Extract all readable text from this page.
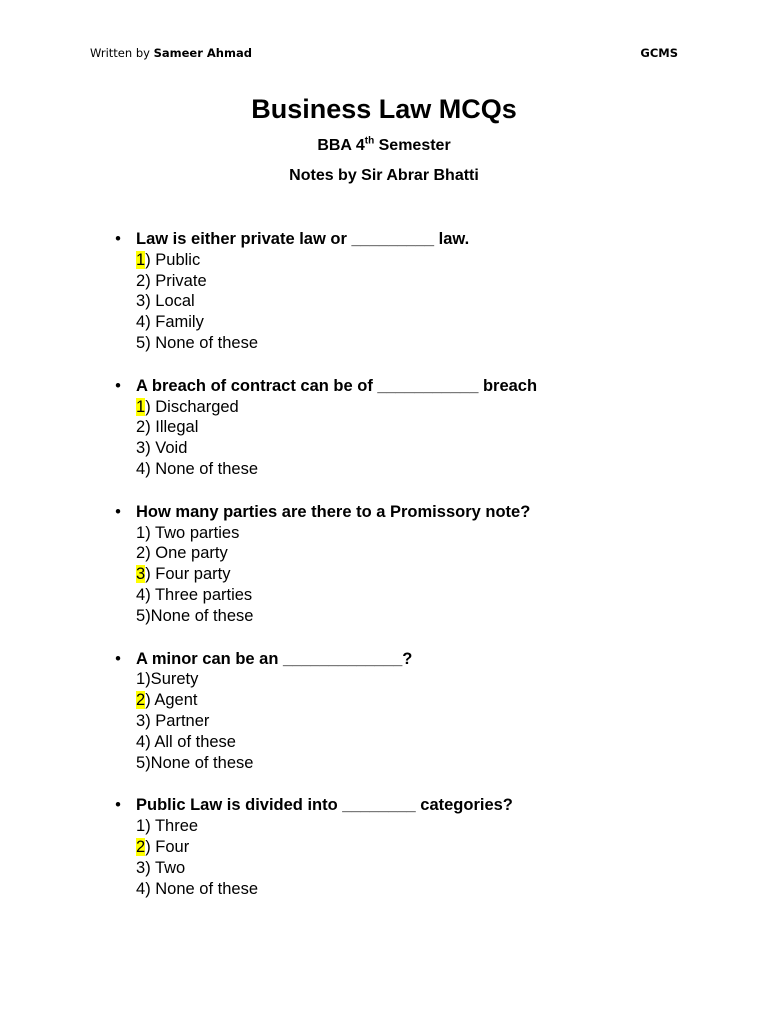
Written by Sameer Ahmad	GCMS
Business Law MCQs
BBA 4th Semester
Notes by Sir Abrar Bhatti
• Law is either private law or _________ law.
1) Public
2) Private
3) Local
4) Family
5) None of these
• A breach of contract can be of ___________ breach
1) Discharged
2) Illegal
3) Void
4) None of these
• How many parties are there to a Promissory note?
1) Two parties
2) One party
3) Four party
4) Three parties
5)None of these
• A minor can be an _____________?
1)Surety
2) Agent
3) Partner
4) All of these
5)None of these
• Public Law is divided into ________ categories?
1) Three
2) Four
3) Two
4) None of these
